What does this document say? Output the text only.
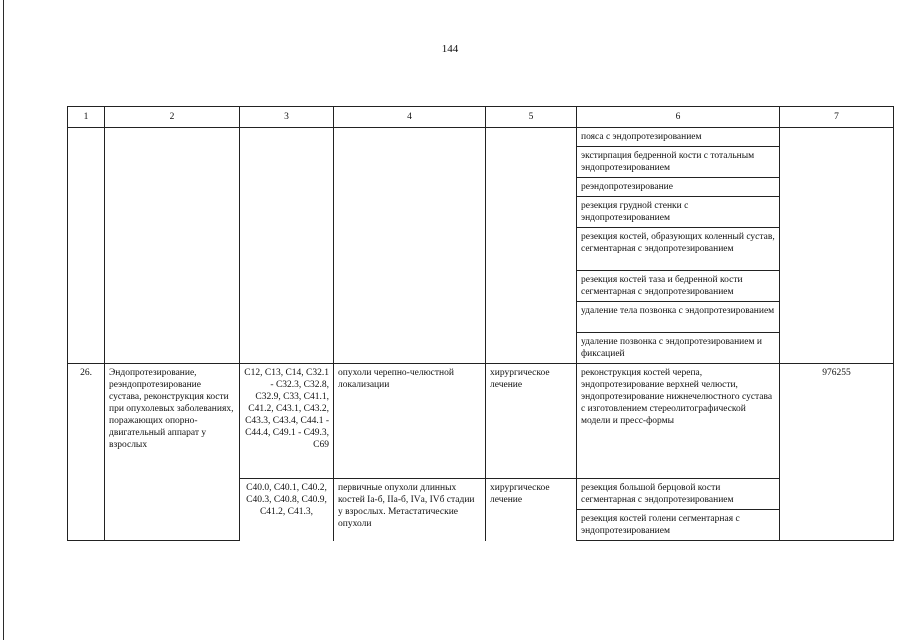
144
1	2	3	4	5	6	7
					пояса с эндопротезированием	
					экстирпация бедренной кости с тотальным эндопротезированием	
					реэндопротезирование	
					резекция грудной стенки с эндопротезированием	
					резекция костей, образующих коленный сустав, сегментарная с эндопротезированием	
					резекция костей таза и бедренной кости сегментарная с эндопротезированием	
					удаление тела позвонка с эндопротезированием	
					удаление позвонка с эндопротезированием и фиксацией	
26.	Эндопротезирование, реэндопротезирование сустава, реконструкция кости при опухолевых заболеваниях, поражающих опорно-двигательный аппарат у взрослых	C12, C13, C14, C32.1 - C32.3, C32.8, C32.9, C33, C41.1, C41.2, C43.1, C43.2, C43.3, C43.4, C44.1 - C44.4, C49.1 - C49.3, C69	опухоли черепно-челюстной локализации	хирургическое лечение	реконструкция костей черепа, эндопротезирование верхней челюсти, эндопротезирование нижнечелюстного сустава с изготовлением стереолитографической модели и пресс-формы	976255
		C40.0, C40.1, C40.2, C40.3, C40.8, C40.9, C41.2, C41.3,	первичные опухоли длинных костей Iа-б, IIа-б, IVа, IVб стадии у взрослых. Метастатические опухоли	хирургическое лечение	резекция большой берцовой кости сегментарная с эндопротезированием	
					резекция костей голени сегментарная с эндопротезированием	
